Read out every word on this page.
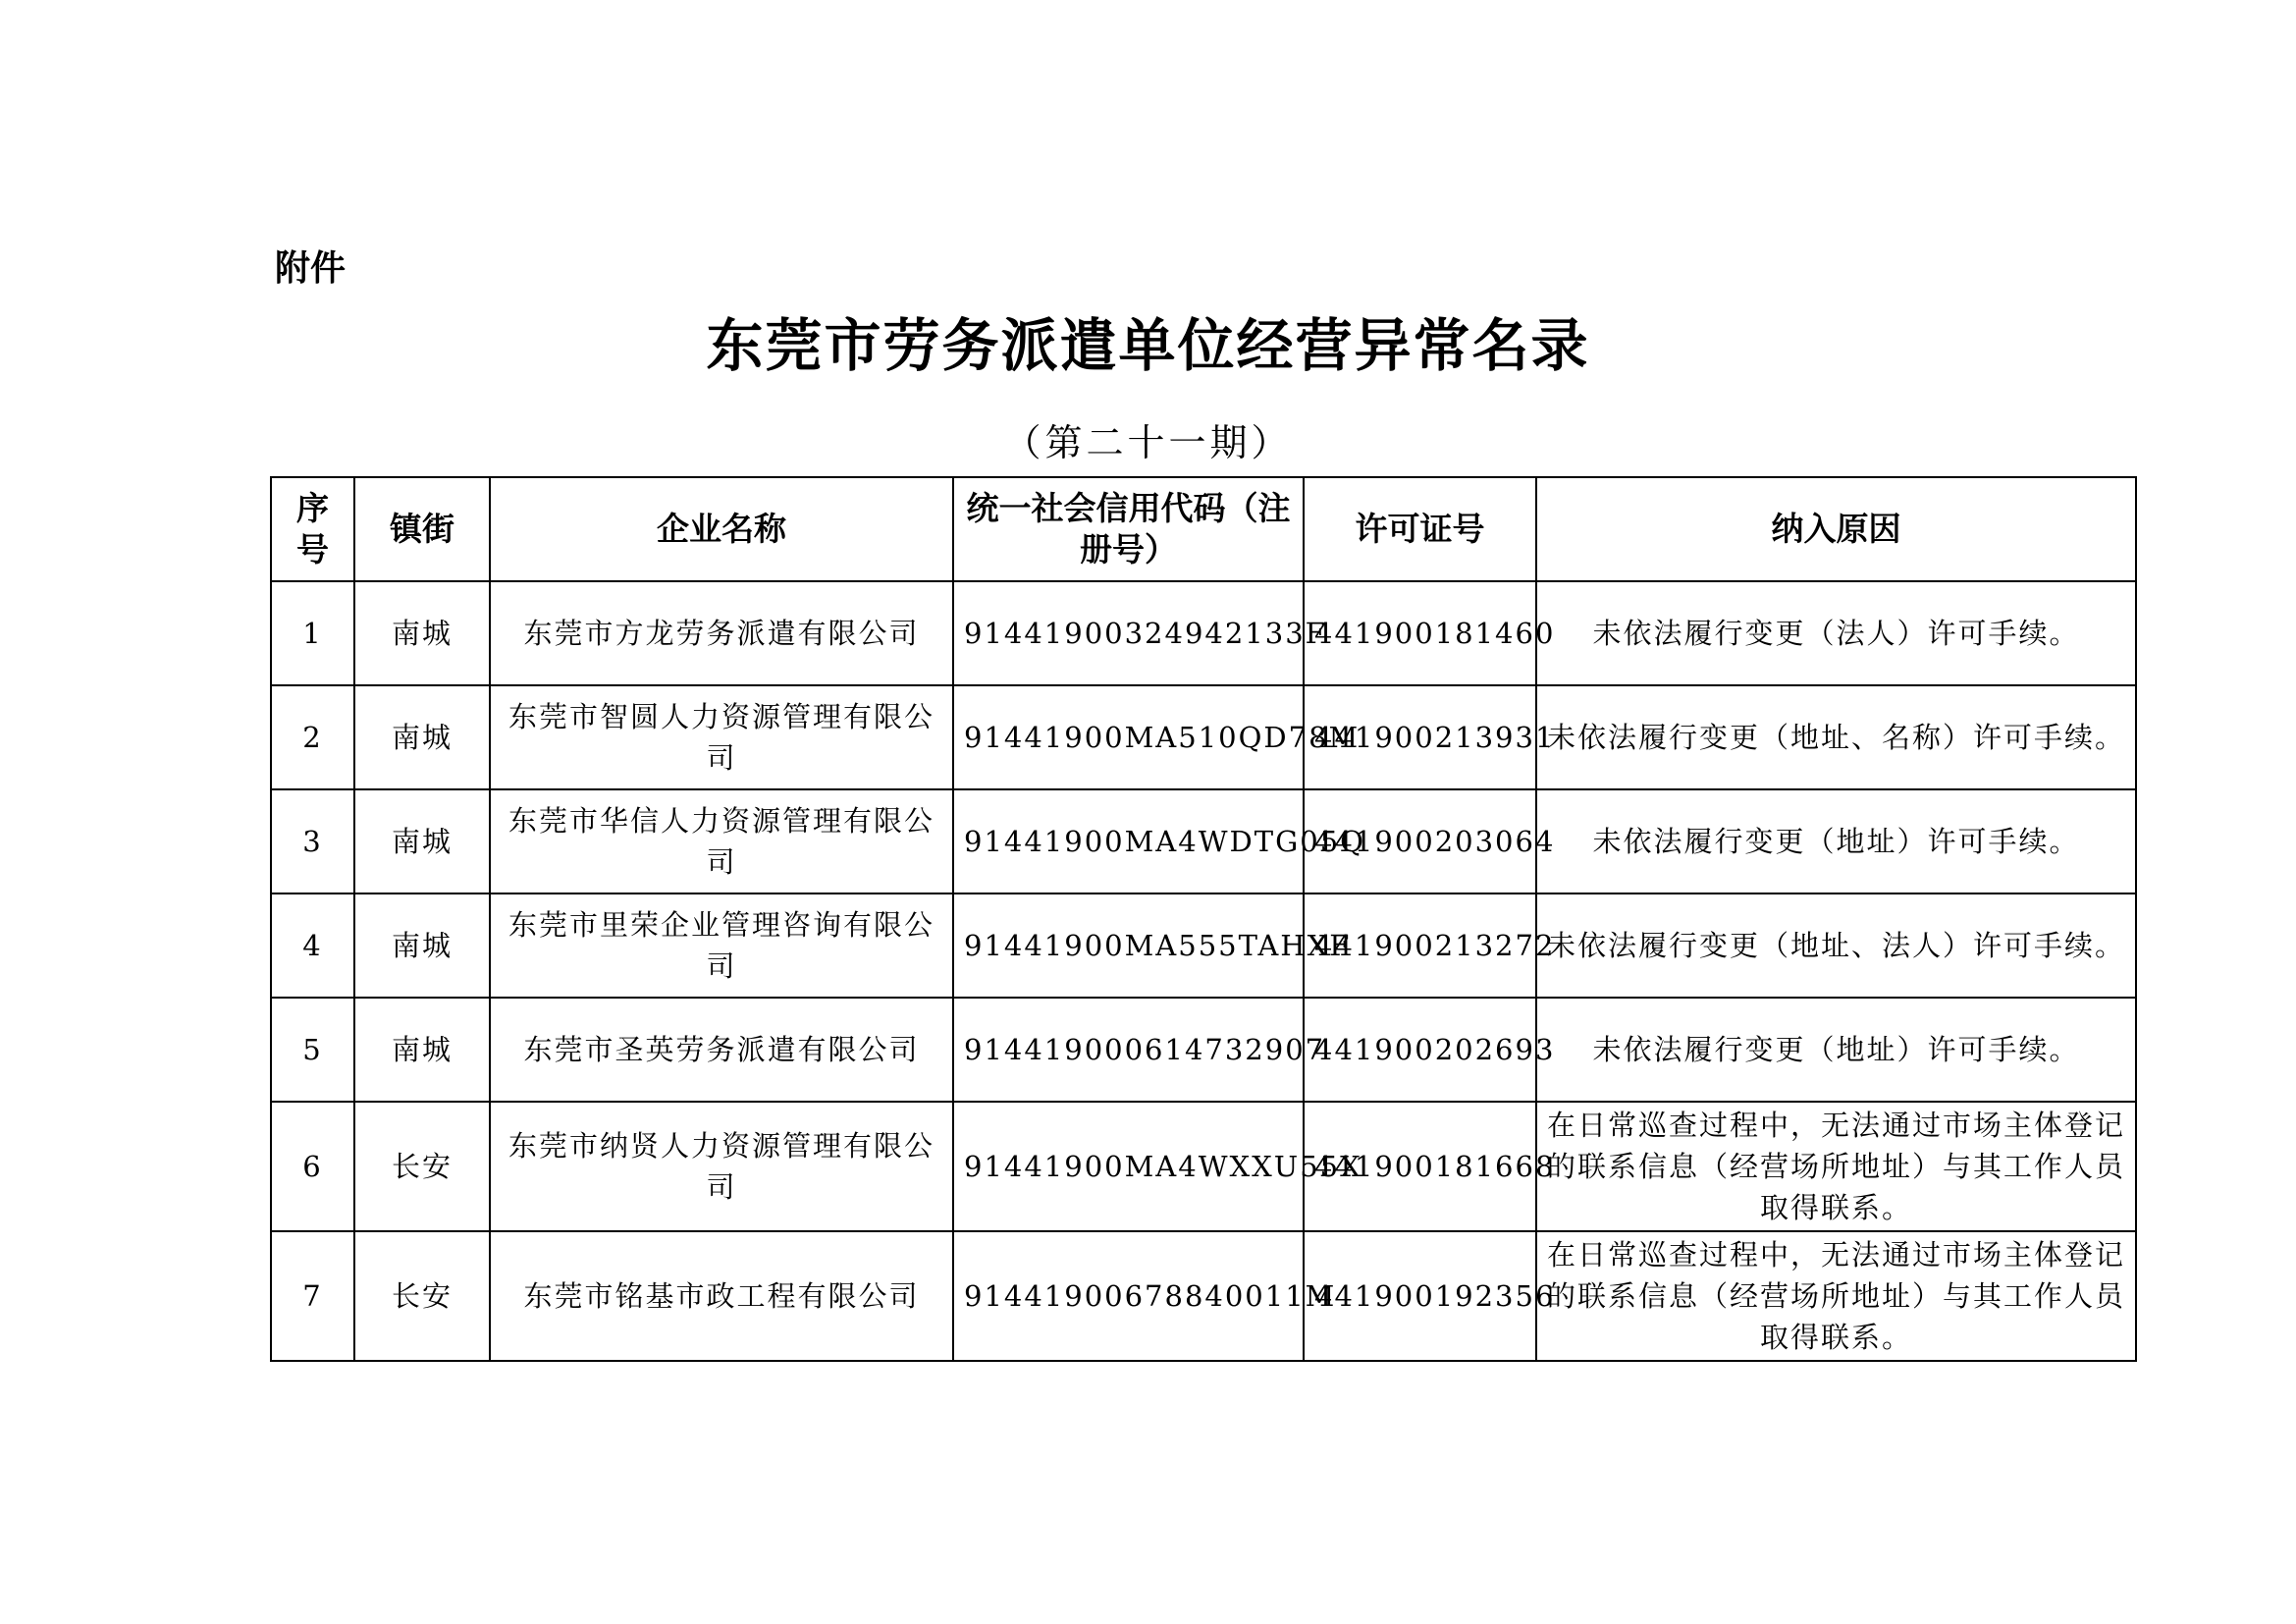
附件
东莞市劳务派遣单位经营异常名录
（第二十一期）
序号	镇街	企业名称	统一社会信用代码（注册号）	许可证号	纳入原因
1	南城	东莞市方龙劳务派遣有限公司	91441900324942133F	441900181460	未依法履行变更（法人）许可手续。
2	南城	东莞市智圆人力资源管理有限公司	91441900MA510QD78M	441900213931	未依法履行变更（地址、名称）许可手续。
3	南城	东莞市华信人力资源管理有限公司	91441900MA4WDTG05Q	441900203064	未依法履行变更（地址）许可手续。
4	南城	东莞市里荣企业管理咨询有限公司	91441900MA555TAHXF	441900213272	未依法履行变更（地址、法人）许可手续。
5	南城	东莞市圣英劳务派遣有限公司	914419000614732907	441900202693	未依法履行变更（地址）许可手续。
6	长安	东莞市纳贤人力资源管理有限公司	91441900MA4WXXU55X	441900181668	在日常巡查过程中，无法通过市场主体登记的联系信息（经营场所地址）与其工作人员取得联系。
7	长安	东莞市铭基市政工程有限公司	91441900678840011M	441900192356	在日常巡查过程中，无法通过市场主体登记的联系信息（经营场所地址）与其工作人员取得联系。
